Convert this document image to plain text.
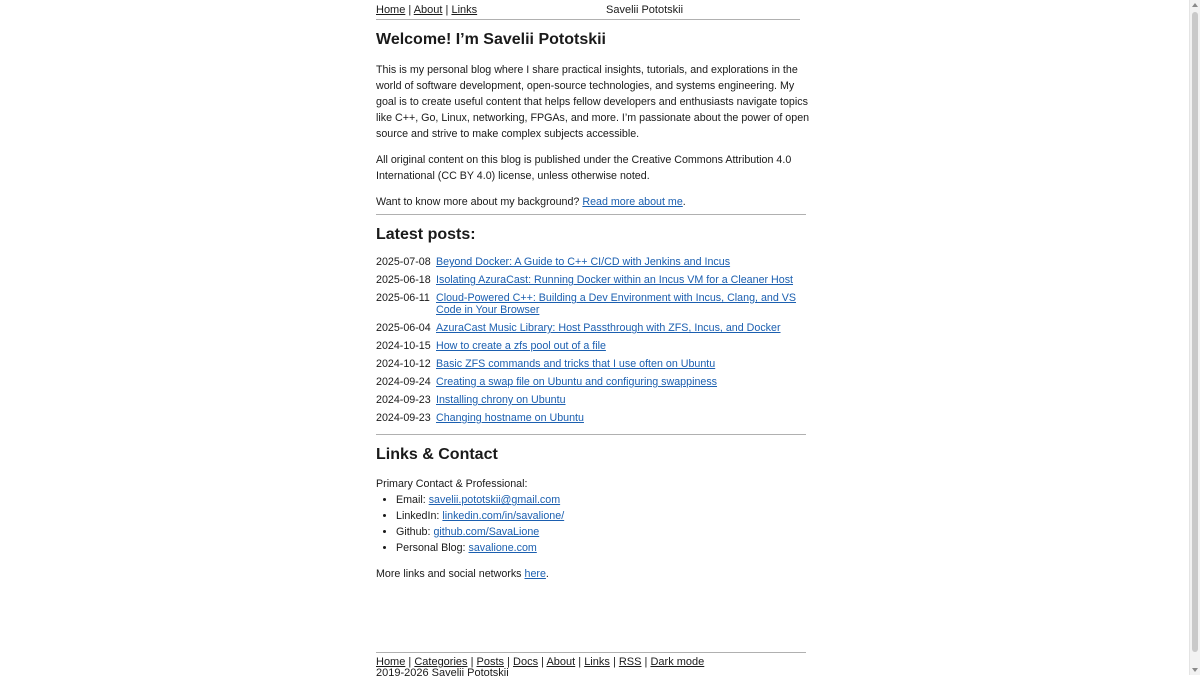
Home | About | Links	Savelii Pototskii
Welcome! I’m Savelii Pototskii

This is my personal blog where I share practical insights, tutorials, and explorations in the world of software development, open-source technologies, and systems engineering. My goal is to create useful content that helps fellow developers and enthusiasts navigate topics like C++, Go, Linux, networking, FPGAs, and more. I’m passionate about the power of open source and strive to make complex subjects accessible.

All original content on this blog is published under the Creative Commons Attribution 4.0 International (CC BY 4.0) license, unless otherwise noted.

Want to know more about my background? Read more about me.

Latest posts:
2025-07-08 Beyond Docker: A Guide to C++ CI/CD with Jenkins and Incus
2025-06-18 Isolating AzuraCast: Running Docker within an Incus VM for a Cleaner Host
2025-06-11 Cloud-Powered C++: Building a Dev Environment with Incus, Clang, and VS Code in Your Browser
2025-06-04 AzuraCast Music Library: Host Passthrough with ZFS, Incus, and Docker
2024-10-15 How to create a zfs pool out of a file
2024-10-12 Basic ZFS commands and tricks that I use often on Ubuntu
2024-09-24 Creating a swap file on Ubuntu and configuring swappiness
2024-09-23 Installing chrony on Ubuntu
2024-09-23 Changing hostname on Ubuntu
Links & Contact
Primary Contact & Professional:
• Email: savelii.pototskii@gmail.com
• LinkedIn: linkedin.com/in/savalione/
• Github: github.com/SavaLione
• Personal Blog: savalione.com

More links and social networks here.

Home | Categories | Posts | Docs | About | Links | RSS | Dark mode
2019-2026 Savelii Pototskii
